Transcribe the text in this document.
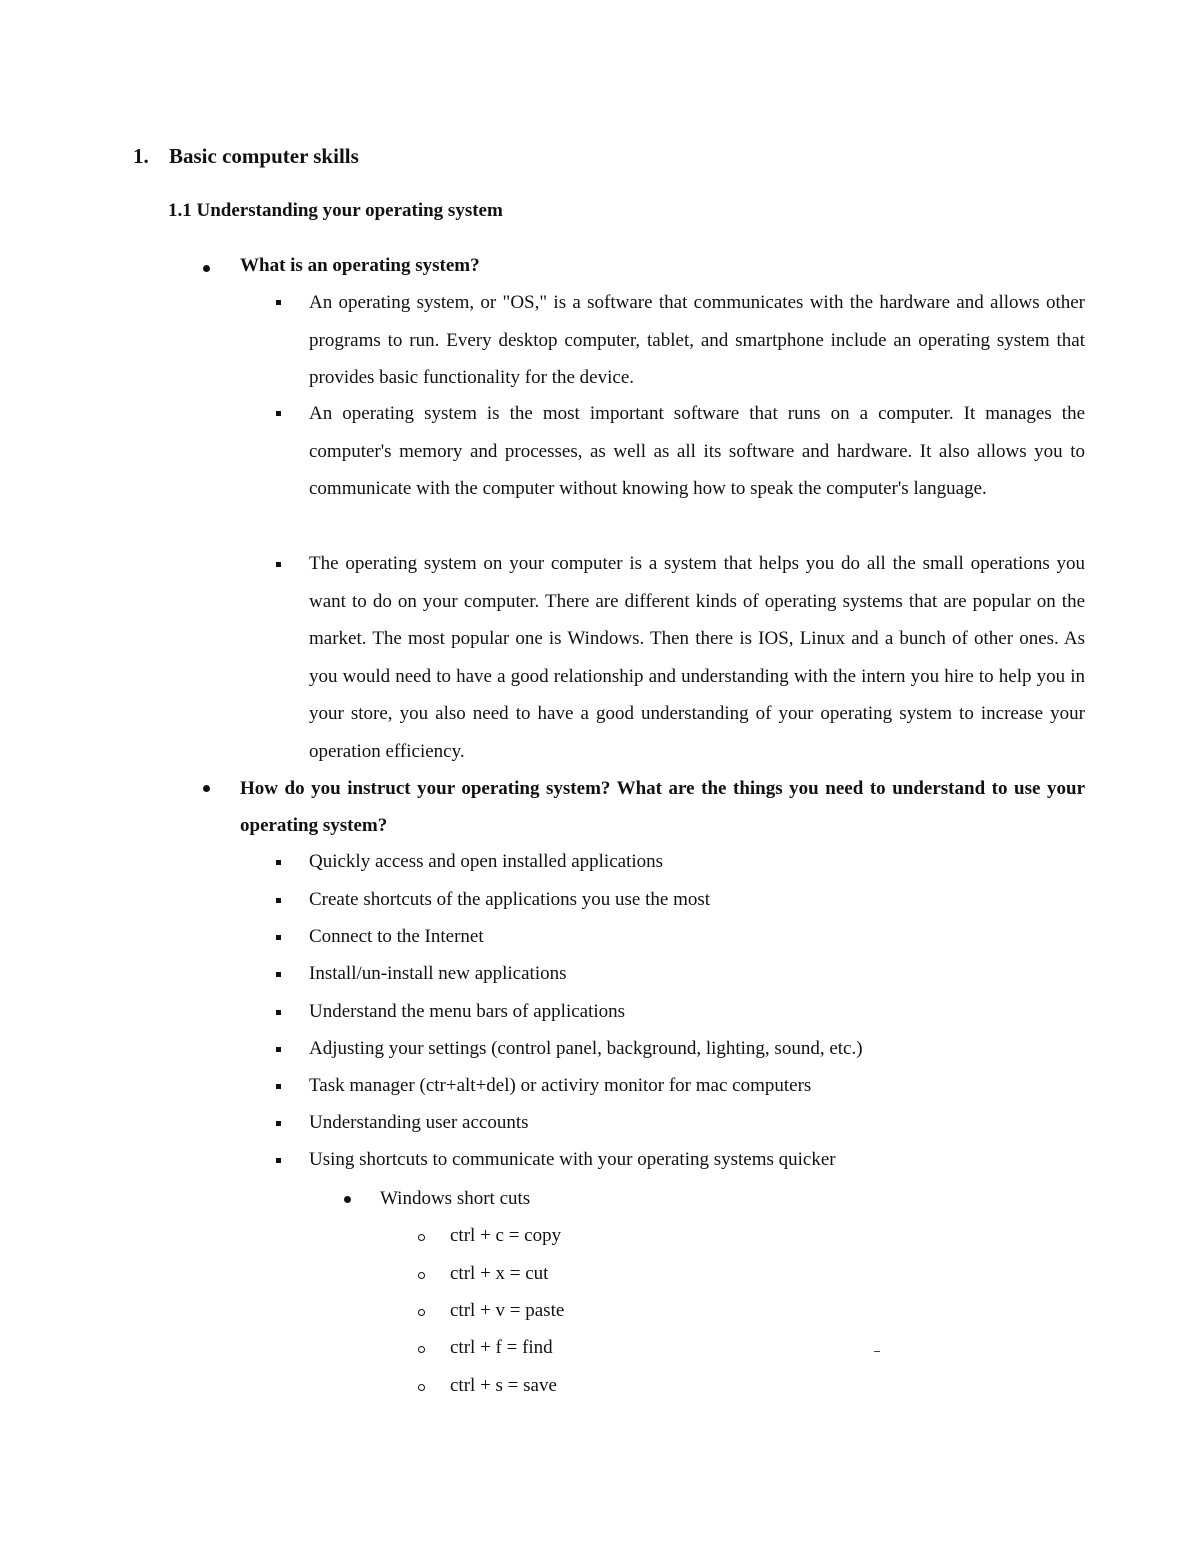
1. Basic computer skills
1.1 Understanding your operating system
What is an operating system?
An operating system, or "OS," is a software that communicates with the hardware and allows other programs to run. Every desktop computer, tablet, and smartphone include an operating system that provides basic functionality for the device.
An operating system is the most important software that runs on a computer. It manages the computer's memory and processes, as well as all its software and hardware. It also allows you to communicate with the computer without knowing how to speak the computer's language.
The operating system on your computer is a system that helps you do all the small operations you want to do on your computer. There are different kinds of operating systems that are popular on the market. The most popular one is Windows. Then there is IOS, Linux and a bunch of other ones. As you would need to have a good relationship and understanding with the intern you hire to help you in your store, you also need to have a good understanding of your operating system to increase your operation efficiency.
How do you instruct your operating system? What are the things you need to understand to use your operating system?
Quickly access and open installed applications
Create shortcuts of the applications you use the most
Connect to the Internet
Install/un-install new applications
Understand the menu bars of applications
Adjusting your settings (control panel, background, lighting, sound, etc.)
Task manager (ctr+alt+del) or activiry monitor for mac computers
Understanding user accounts
Using shortcuts to communicate with your operating systems quicker
Windows short cuts
ctrl + c = copy
ctrl + x = cut
ctrl + v = paste
ctrl + f = find
ctrl + s = save
